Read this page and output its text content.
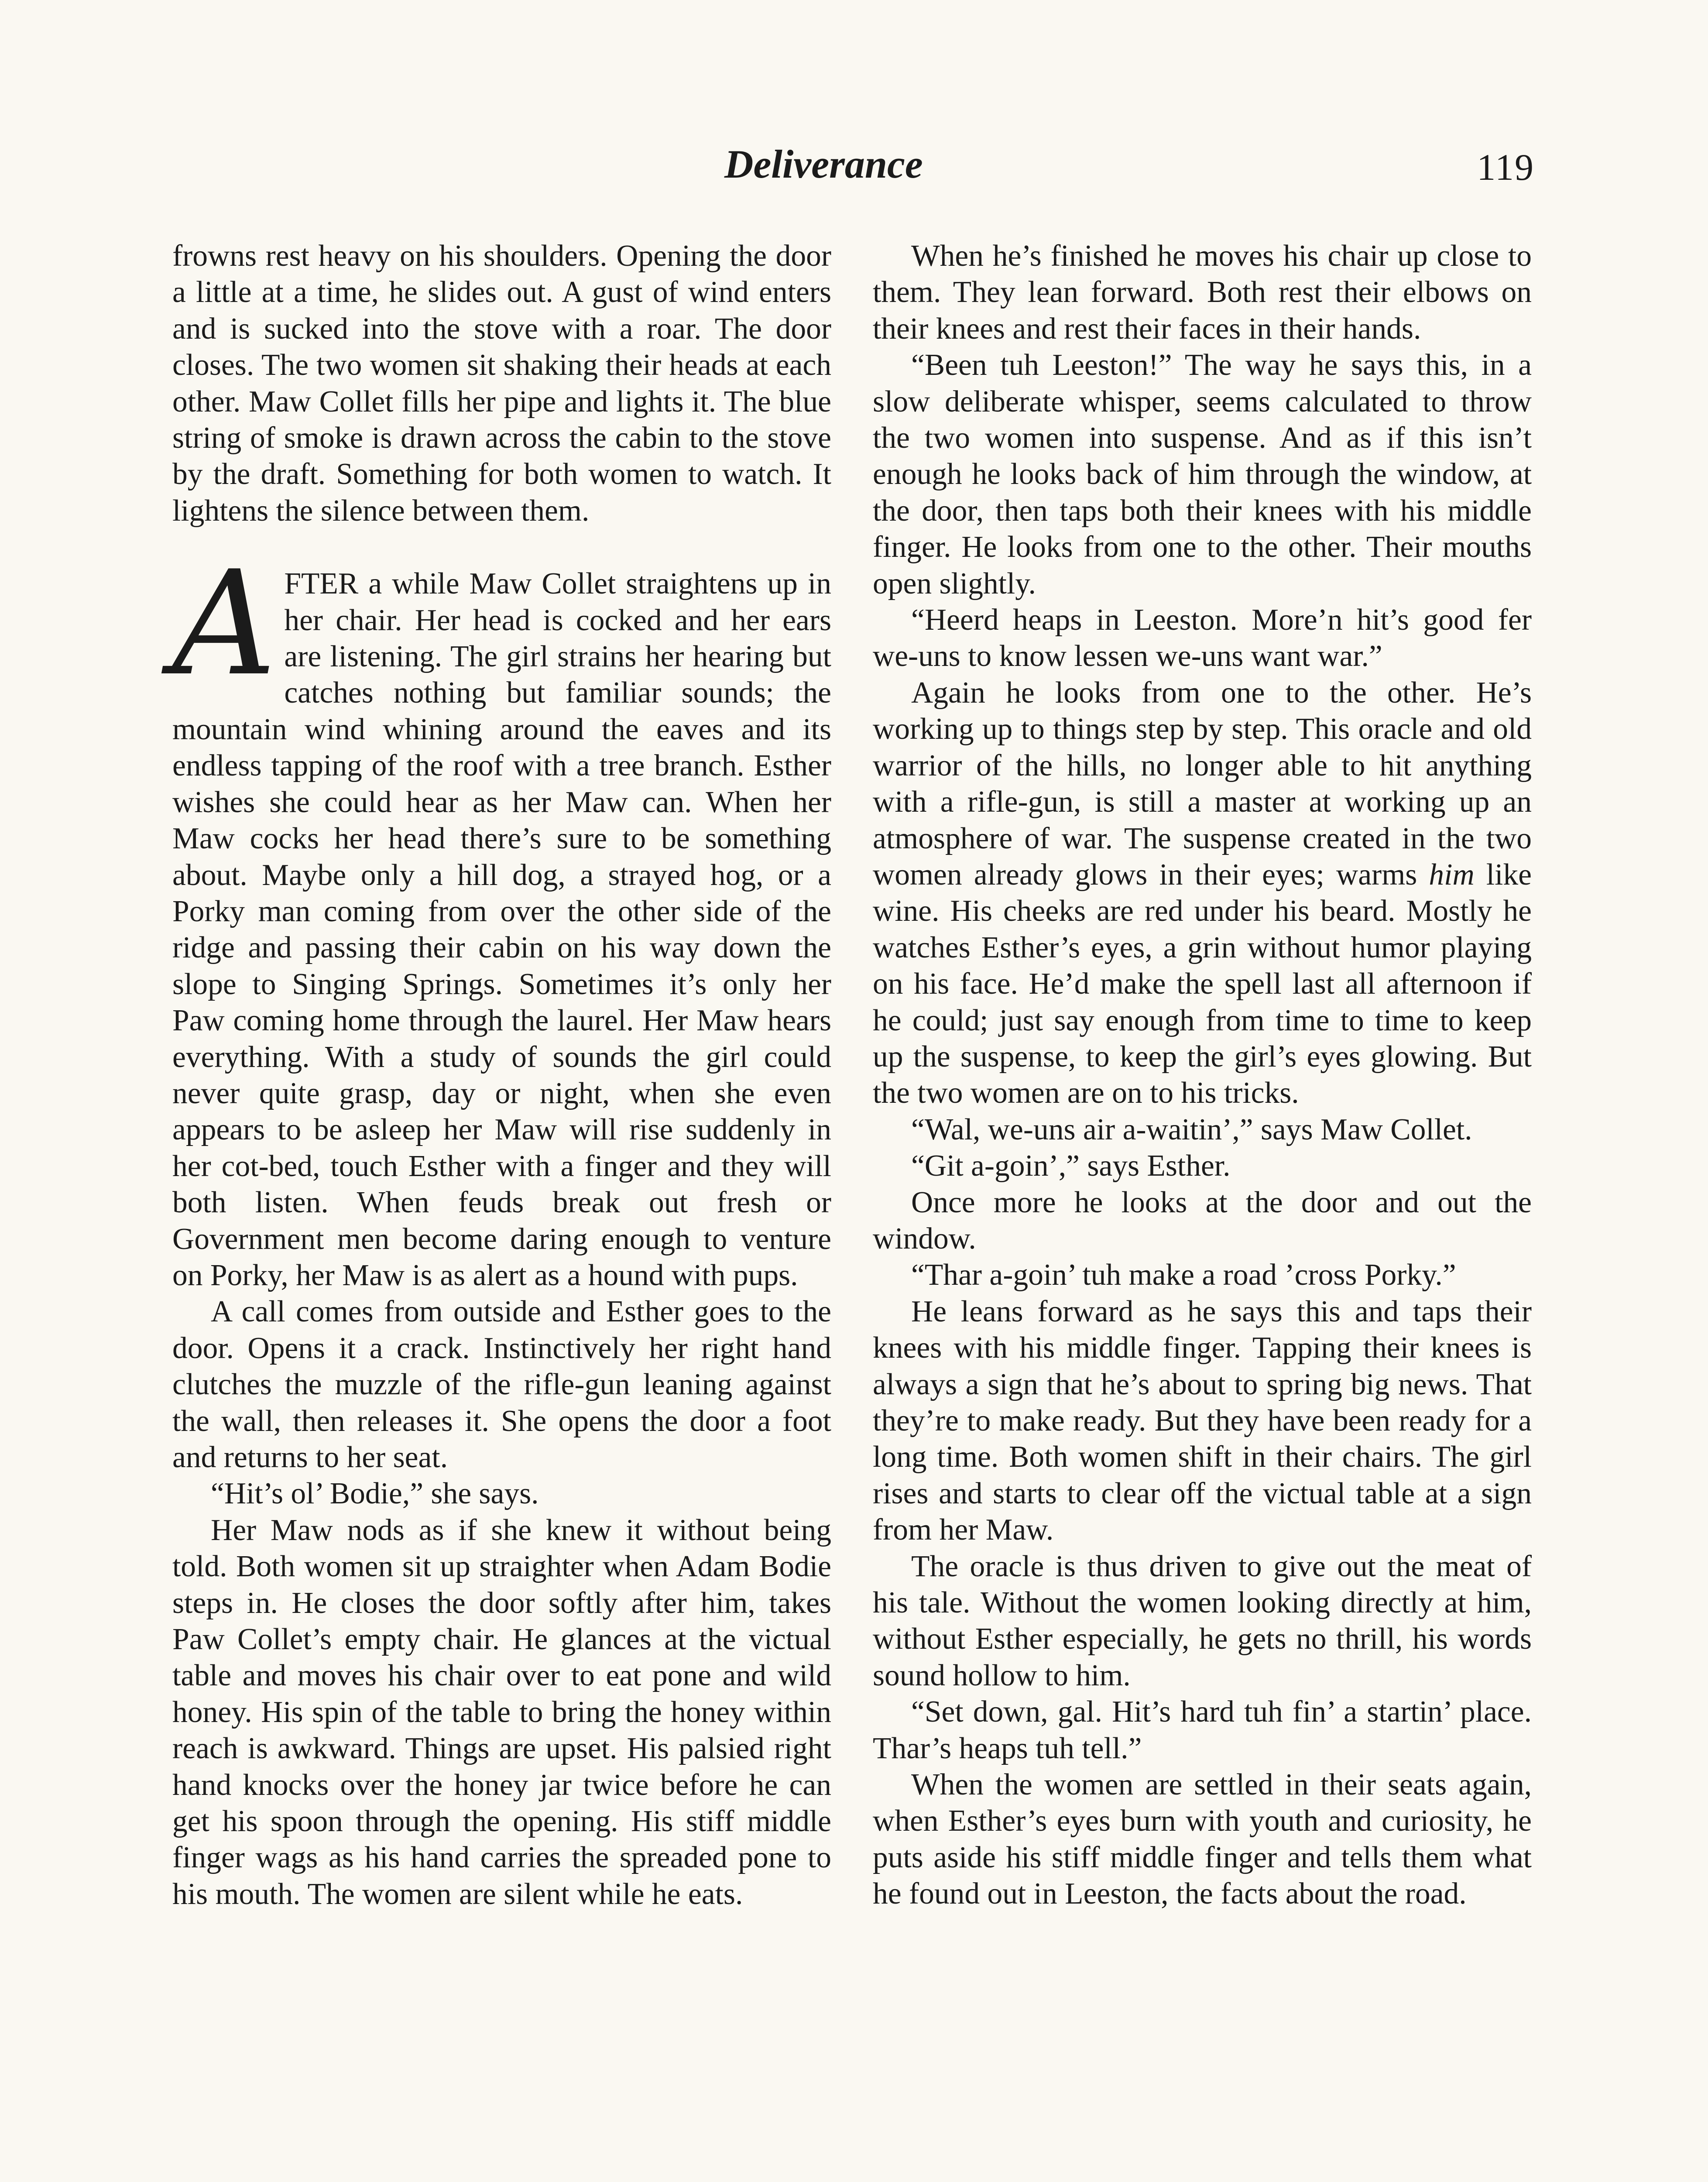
Deliverance	119

frowns rest heavy on his shoulders. Opening the door a little at a time, he slides out. A gust of wind enters and is sucked into the stove with a roar. The door closes. The two women sit shaking their heads at each other. Maw Collet fills her pipe and lights it. The blue string of smoke is drawn across the cabin to the stove by the draft. Something for both women to watch. It lightens the silence between them.

AFTER a while Maw Collet straightens up in her chair. Her head is cocked and her ears are listening. The girl strains her hearing but catches nothing but familiar sounds; the mountain wind whining around the eaves and its endless tapping of the roof with a tree branch. Esther wishes she could hear as her Maw can. When her Maw cocks her head there’s sure to be something about. Maybe only a hill dog, a strayed hog, or a Porky man coming from over the other side of the ridge and passing their cabin on his way down the slope to Singing Springs. Sometimes it’s only her Paw coming home through the laurel. Her Maw hears everything. With a study of sounds the girl could never quite grasp, day or night, when she even appears to be asleep her Maw will rise suddenly in her cot-bed, touch Esther with a finger and they will both listen. When feuds break out fresh or Government men become daring enough to venture on Porky, her Maw is as alert as a hound with pups.

A call comes from outside and Esther goes to the door. Opens it a crack. Instinctively her right hand clutches the muzzle of the rifle-gun leaning against the wall, then releases it. She opens the door a foot and returns to her seat.

“Hit’s ol’ Bodie,” she says.

Her Maw nods as if she knew it without being told. Both women sit up straighter when Adam Bodie steps in. He closes the door softly after him, takes Paw Collet’s empty chair. He glances at the victual table and moves his chair over to eat pone and wild honey. His spin of the table to bring the honey within reach is awkward. Things are upset. His palsied right hand knocks over the honey jar twice before he can get his spoon through the opening. His stiff middle finger wags as his hand carries the spreaded pone to his mouth. The women are silent while he eats.

When he’s finished he moves his chair up close to them. They lean forward. Both rest their elbows on their knees and rest their faces in their hands.

“Been tuh Leeston!” The way he says this, in a slow deliberate whisper, seems calculated to throw the two women into suspense. And as if this isn’t enough he looks back of him through the window, at the door, then taps both their knees with his middle finger. He looks from one to the other. Their mouths open slightly.

“Heerd heaps in Leeston. More’n hit’s good fer we-uns to know lessen we-uns want war.”

Again he looks from one to the other. He’s working up to things step by step. This oracle and old warrior of the hills, no longer able to hit anything with a rifle-gun, is still a master at working up an atmosphere of war. The suspense created in the two women already glows in their eyes; warms him like wine. His cheeks are red under his beard. Mostly he watches Esther’s eyes, a grin without humor playing on his face. He’d make the spell last all afternoon if he could; just say enough from time to time to keep up the suspense, to keep the girl’s eyes glowing. But the two women are on to his tricks.

“Wal, we-uns air a-waitin’,” says Maw Collet.

“Git a-goin’,” says Esther.

Once more he looks at the door and out the window.

“Thar a-goin’ tuh make a road ’cross Porky.”

He leans forward as he says this and taps their knees with his middle finger. Tapping their knees is always a sign that he’s about to spring big news. That they’re to make ready. But they have been ready for a long time. Both women shift in their chairs. The girl rises and starts to clear off the victual table at a sign from her Maw.

The oracle is thus driven to give out the meat of his tale. Without the women looking directly at him, without Esther especially, he gets no thrill, his words sound hollow to him.

“Set down, gal. Hit’s hard tuh fin’ a startin’ place. Thar’s heaps tuh tell.”

When the women are settled in their seats again, when Esther’s eyes burn with youth and curiosity, he puts aside his stiff middle finger and tells them what he found out in Leeston, the facts about the road.
